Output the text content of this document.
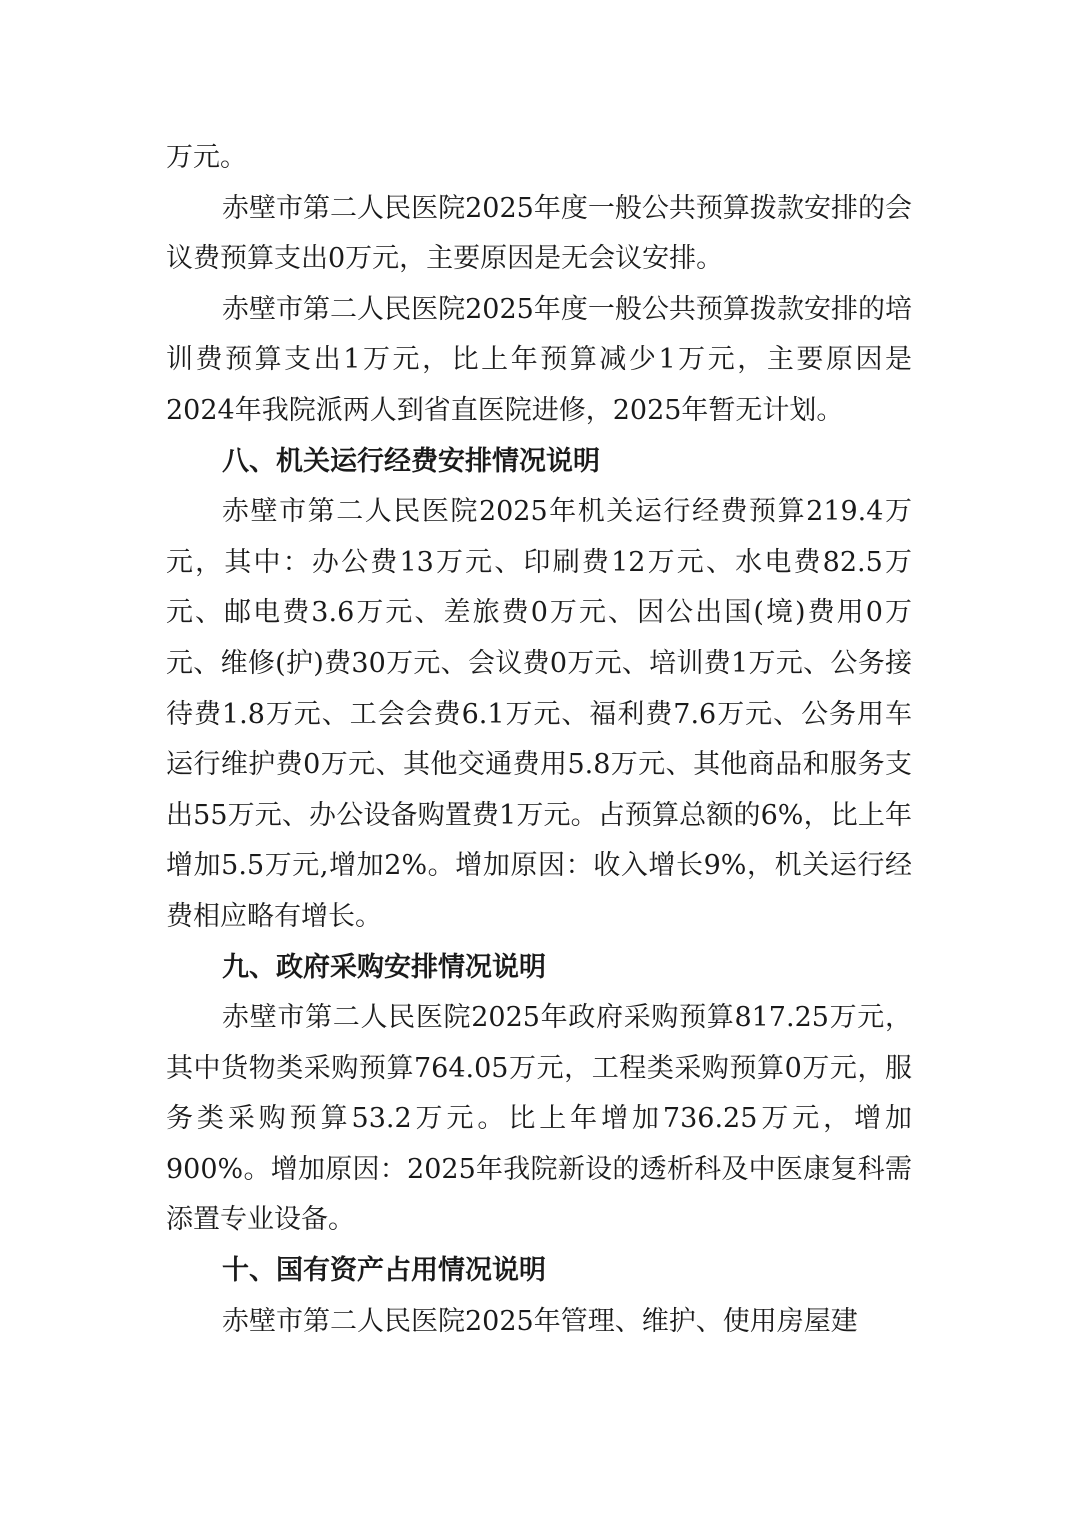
万元。

赤壁市第二人民医院2025年度一般公共预算拨款安排的会议费预算支出0万元，主要原因是无会议安排。

赤壁市第二人民医院2025年度一般公共预算拨款安排的培训费预算支出1万元，比上年预算减少1万元，主要原因是2024年我院派两人到省直医院进修，2025年暂无计划。

八、机关运行经费安排情况说明

赤壁市第二人民医院2025年机关运行经费预算219.4万元，其中：办公费13万元、印刷费12万元、水电费82.5万元、邮电费3.6万元、差旅费0万元、因公出国(境)费用0万元、维修(护)费30万元、会议费0万元、培训费1万元、公务接待费1.8万元、工会会费6.1万元、福利费7.6万元、公务用车运行维护费0万元、其他交通费用5.8万元、其他商品和服务支出55万元、办公设备购置费1万元。占预算总额的6%，比上年增加5.5万元,增加2%。增加原因：收入增长9%，机关运行经费相应略有增长。

九、政府采购安排情况说明

赤壁市第二人民医院2025年政府采购预算817.25万元，其中货物类采购预算764.05万元，工程类采购预算0万元，服务类采购预算53.2万元。比上年增加736.25万元，增加900%。增加原因：2025年我院新设的透析科及中医康复科需添置专业设备。

十、国有资产占用情况说明

赤壁市第二人民医院2025年管理、维护、使用房屋建
